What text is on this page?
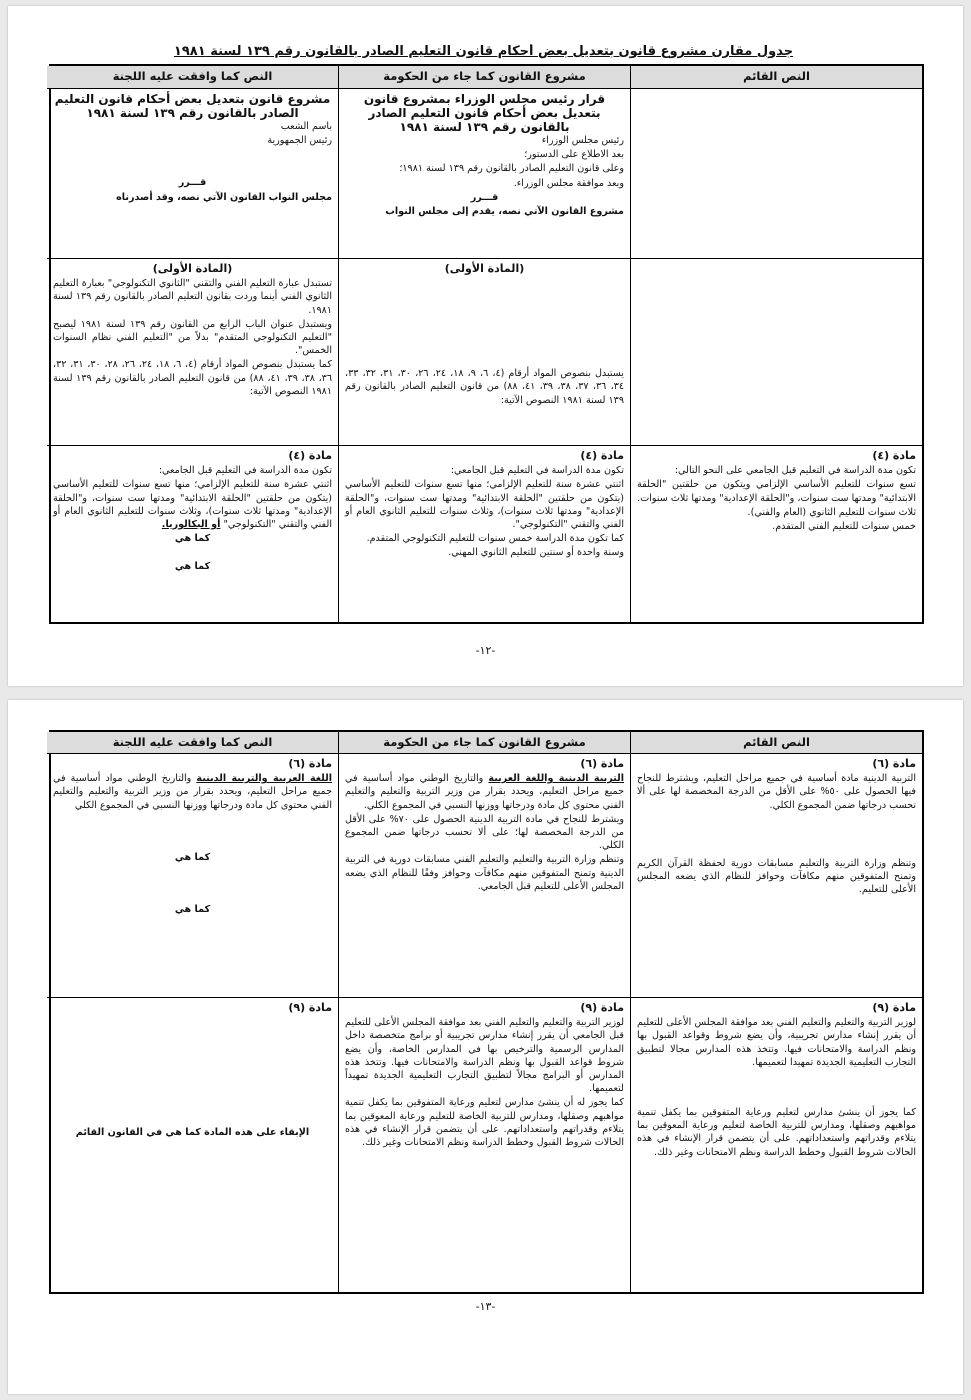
جدول مقارن مشروع قانون بتعديل بعض أحكام قانون التعليم الصادر بالقانون رقم ١٣٩ لسنة ١٩٨١
النص القائم
مشروع القانون كما جاء من الحكومة
النص كما وافقت عليه اللجنة
قرار رئيس مجلس الوزراء بمشروع قانون بتعديل بعض أحكام قانون التعليم الصادر بالقانون رقم ١٣٩ لسنة ١٩٨١
رئيس مجلس الوزراء
بعد الاطلاع على الدستور؛
وعلى قانون التعليم الصادر بالقانون رقم ١٣٩ لسنة ١٩٨١؛
وبعد موافقة مجلس الوزراء.
قـــرر
مشروع القانون الآتي نصه، يقدم إلى مجلس النواب
مشروع قانون بتعديل بعض أحكام قانون التعليم الصادر بالقانون رقم ١٣٩ لسنة ١٩٨١
باسم الشعب
رئيس الجمهورية
قـــرر
مجلس النواب القانون الآتي نصه، وقد أصدرناه
(المادة الأولى)
يستبدل بنصوص المواد أرقام (٤، ٦، ٩، ١٨، ٢٤، ٢٦، ٣٠، ٣١، ٣٢، ٣٣، ٣٤، ٣٦، ٣٧، ٣٨، ٣٩، ٤١، ٨٨) من قانون التعليم الصادر بالقانون رقم ١٣٩ لسنة ١٩٨١ النصوص الآتية:
(المادة الأولى)
تستبدل عبارة التعليم الفني والتقني "الثانوي التكنولوجي" بعبارة التعليم الثانوي الفني أينما وردت بقانون التعليم الصادر بالقانون رقم ١٣٩ لسنة ١٩٨١.
ويستبدل عنوان الباب الرابع من القانون رقم ١٣٩ لسنة ١٩٨١ ليصبح "التعليم التكنولوجي المتقدم" بدلاً من "التعليم الفني نظام السنوات الخمس".
كما يستبدل بنصوص المواد أرقام (٤، ٦، ١٨، ٢٤، ٢٦، ٢٨، ٣٠، ٣١، ٣٢، ٣٦، ٣٨، ٣٩، ٤١، ٨٨) من قانون التعليم الصادر بالقانون رقم ١٣٩ لسنة ١٩٨١ النصوص الآتية:
مادة (٤)
تكون مدة الدراسة في التعليم قبل الجامعي على النحو التالي:
تسع سنوات للتعليم الأساسي الإلزامي ويتكون من حلقتين "الحلقة الابتدائية" ومدتها ست سنوات، و"الحلقة الإعدادية" ومدتها ثلاث سنوات.
ثلاث سنوات للتعليم الثانوي (العام والفني).
خمس سنوات للتعليم الفني المتقدم.
مادة (٤)
تكون مدة الدراسة في التعليم قبل الجامعي:
اثنتي عشرة سنة للتعليم الإلزامي؛ منها تسع سنوات للتعليم الأساسي (يتكون من حلقتين "الحلقة الابتدائية" ومدتها ست سنوات، و"الحلقة الإعدادية" ومدتها ثلاث سنوات)، وثلاث سنوات للتعليم الثانوي العام أو الفني والتقني "التكنولوجي".
كما تكون مدة الدراسة خمس سنوات للتعليم التكنولوجي المتقدم.
وسنة واحدة أو سنتين للتعليم الثانوي المهني.
مادة (٤)
تكون مدة الدراسة في التعليم قبل الجامعي:
اثنتي عشرة سنة للتعليم الإلزامي؛ منها تسع سنوات للتعليم الأساسي (يتكون من حلقتين "الحلقة الابتدائية" ومدتها ست سنوات، و"الحلقة الإعدادية" ومدتها ثلاث سنوات)، وثلاث سنوات للتعليم الثانوي العام أو الفني والتقني "التكنولوجي" أو البكالوريا.
كما هي
كما هي
-١٢-
النص القائم
مشروع القانون كما جاء من الحكومة
النص كما وافقت عليه اللجنة
مادة (٦)
التربية الدينية مادة أساسية في جميع مراحل التعليم، ويشترط للنجاح فيها الحصول على ٥٠% على الأقل من الدرجة المخصصة لها على ألا تحسب درجاتها ضمن المجموع الكلي.
وتنظم وزارة التربية والتعليم مسابقات دورية لحفظة القرآن الكريم وتمنح المتفوقين منهم مكافآت وحوافز للنظام الذي يضعه المجلس الأعلى للتعليم.
مادة (٦)
التربية الدينية واللغة العربية والتاريخ الوطني مواد أساسية في جميع مراحل التعليم، ويحدد بقرار من وزير التربية والتعليم والتعليم الفني محتوى كل مادة ودرجاتها ووزنها النسبي في المجموع الكلي.
ويشترط للنجاح في مادة التربية الدينية الحصول على ٧٠% على الأقل من الدرجة المخصصة لها؛ على ألا تحسب درجاتها ضمن المجموع الكلي.
وتنظم وزارة التربية والتعليم والتعليم الفني مسابقات دورية في التربية الدينية وتمنح المتفوقين منهم مكافآت وحوافز وفقًا للنظام الذي يضعه المجلس الأعلى للتعليم قبل الجامعي.
مادة (٦)
اللغة العربية والتربية الدينية والتاريخ الوطني مواد أساسية في جميع مراحل التعليم، ويحدد بقرار من وزير التربية والتعليم والتعليم الفني محتوى كل مادة ودرجاتها ووزنها النسبي في المجموع الكلي
كما هي
كما هي
مادة (٩)
لوزير التربية والتعليم والتعليم الفني بعد موافقة المجلس الأعلى للتعليم أن يقرر إنشاء مدارس تجريبية، وأن يضع شروط وقواعد القبول بها ونظم الدراسة والامتحانات فيها. وتتخذ هذه المدارس مجالا لتطبيق التجارب التعليمية الجديدة تمهيدا لتعميمها.
كما يجوز أن ينشئ مدارس لتعليم ورعاية المتفوقين بما يكفل تنمية مواهبهم وصقلها، ومدارس للتربية الخاصة لتعليم ورعاية المعوقين بما يتلاءم وقدراتهم واستعداداتهم. على أن يتضمن قرار الإنشاء في هذه الحالات شروط القبول وخطط الدراسة ونظم الامتحانات وغير ذلك.
مادة (٩)
لوزير التربية والتعليم والتعليم الفني بعد موافقة المجلس الأعلى للتعليم قبل الجامعي أن يقرر إنشاء مدارس تجريبية أو برامج متخصصة داخل المدارس الرسمية والترخيص بها في المدارس الخاصة، وأن يضع شروط قواعد القبول بها ونظم الدراسة والامتحانات فيها. وتتخذ هذه المدارس أو البرامج مجالاً لتطبيق التجارب التعليمية الجديدة تمهيداً لتعميمها.
كما يجوز له أن ينشئ مدارس لتعليم ورعاية المتفوقين بما يكفل تنمية مواهبهم وصقلها، ومدارس للتربية الخاصة للتعليم ورعاية المعوقين بما يتلاءم وقدراتهم واستعداداتهم. على أن يتضمن قرار الإنشاء في هذه الحالات شروط القبول وخطط الدراسة ونظم الامتحانات وغير ذلك.
مادة (٩)
الإبقاء على هذه المادة كما هي في القانون القائم
-١٣-
